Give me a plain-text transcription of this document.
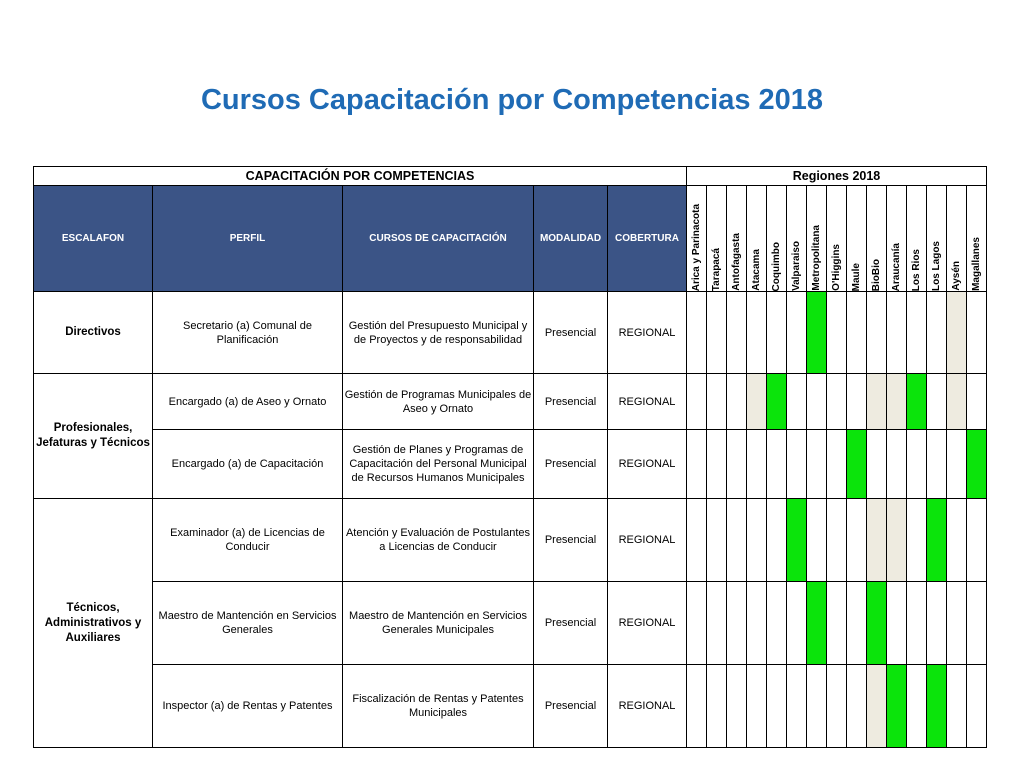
Cursos Capacitación por Competencias 2018
CAPACITACIÓN POR COMPETENCIAS					Regiones 2018														
ESCALAFON	PERFIL	CURSOS DE CAPACITACIÓN	MODALIDAD	COBERTURA	Arica y Parinacota	Tarapacá	Antofagasta	Atacama	Coquimbo	Valparaiso	Metropolitana	O'Higgins	Maule	BioBio	Araucanía	Los Rios	Los Lagos	Aysén	Magallanes

Directivos	Secretario (a) Comunal de Planificación	Gestión del Presupuesto Municipal y de Proyectos y de responsabilidad	Presencial	REGIONAL															
Profesionales, Jefaturas y Técnicos	Encargado (a) de Aseo y Ornato	Gestión de Programas Municipales de Aseo y Ornato	Presencial	REGIONAL															
	Encargado (a) de Capacitación	Gestión de Planes y Programas de Capacitación del Personal Municipal de Recursos Humanos Municipales	Presencial	REGIONAL															
Técnicos, Administrativos y Auxiliares	Examinador (a) de Licencias de Conducir	Atención y Evaluación de Postulantes a Licencias de Conducir	Presencial	REGIONAL															
	Maestro de Mantención en Servicios Generales	Maestro de Mantención en Servicios Generales Municipales	Presencial	REGIONAL															
	Inspector (a) de Rentas y Patentes	Fiscalización de Rentas y Patentes Municipales	Presencial	REGIONAL															
